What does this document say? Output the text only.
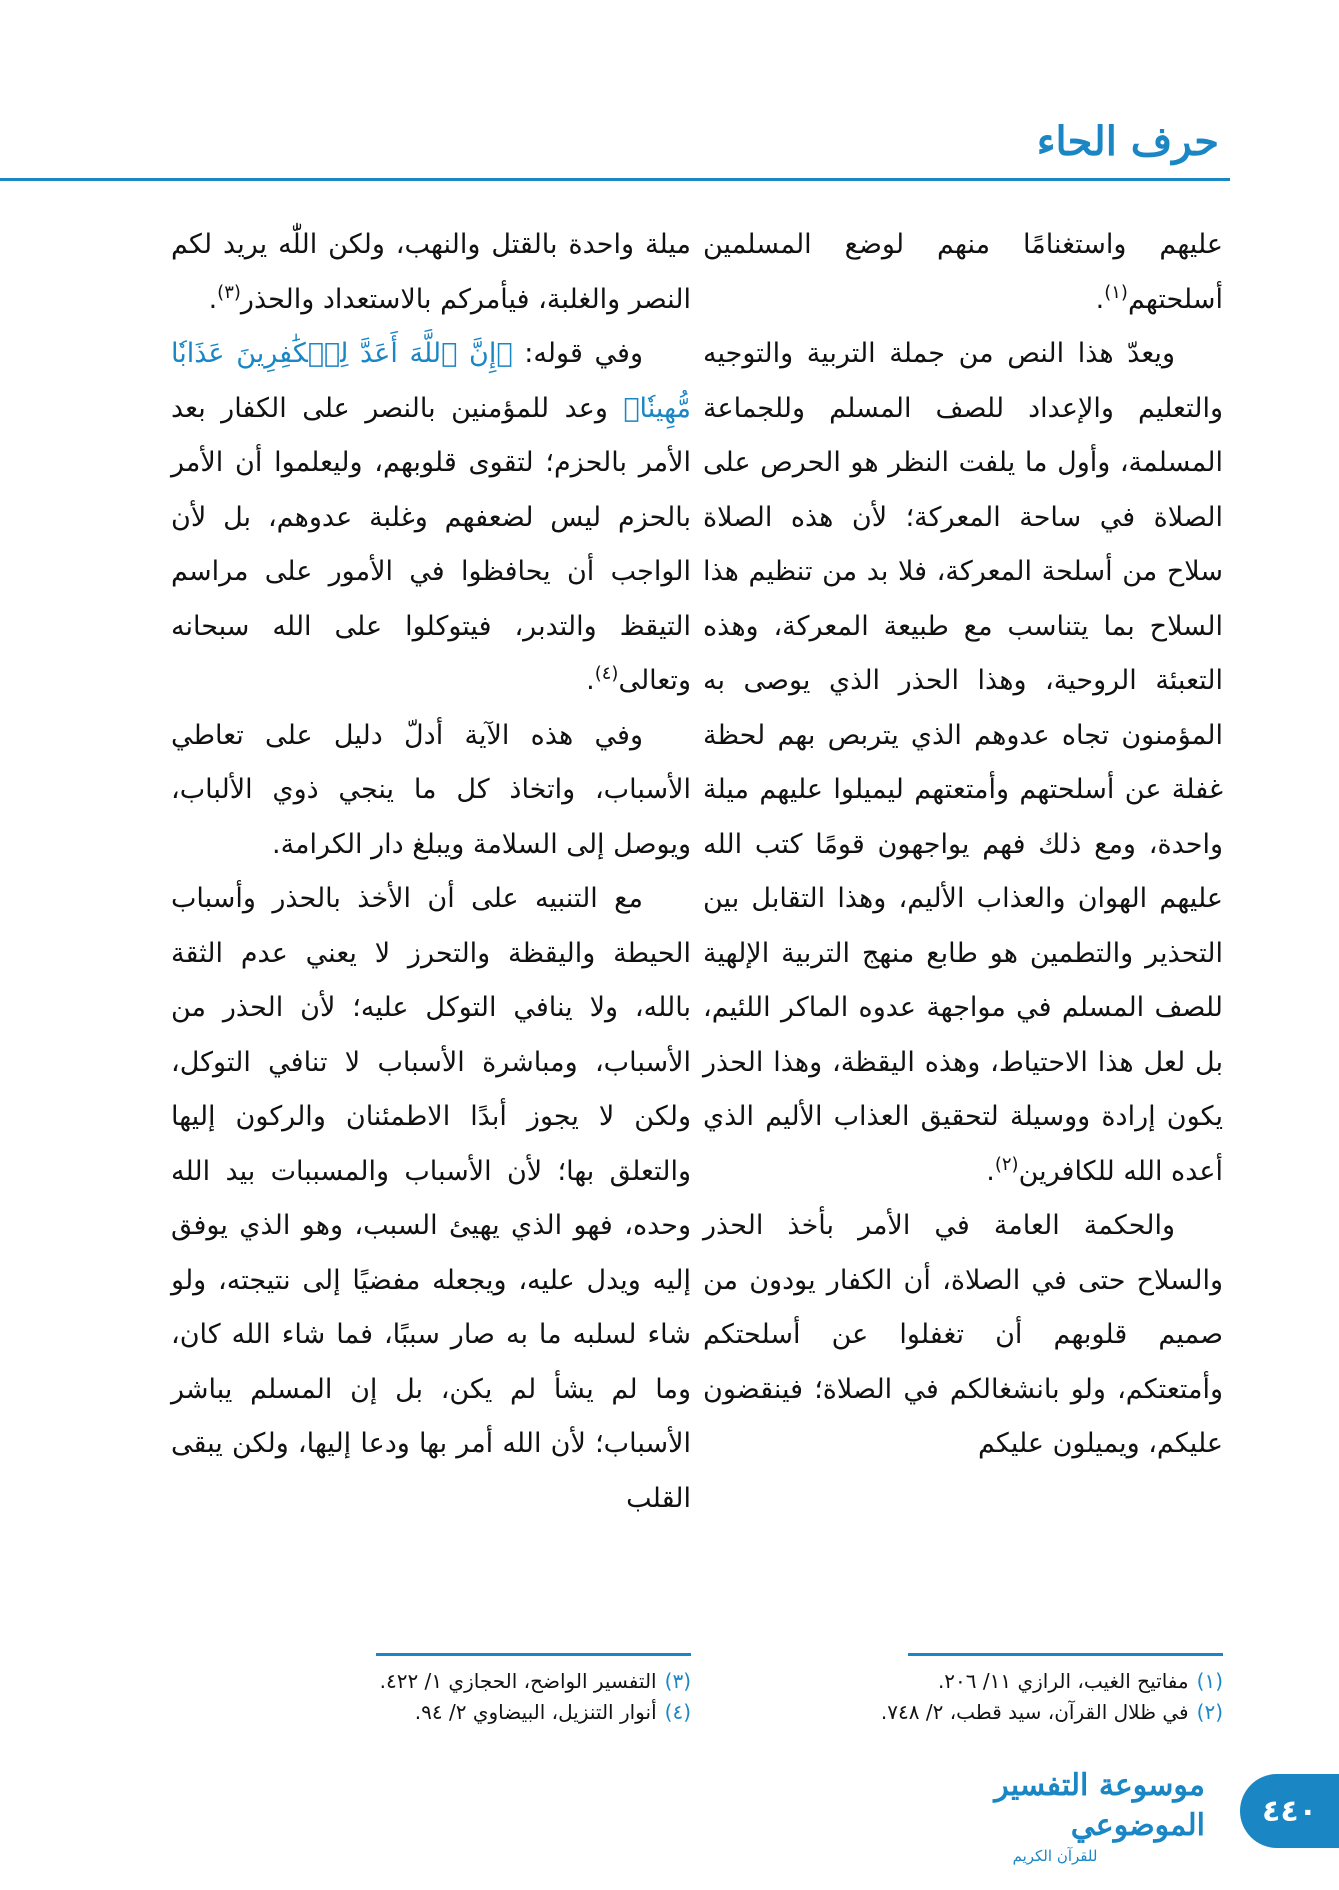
حرف الحاء

عليهم واستغنامًا منهم لوضع المسلمين أسلحتهم$^{(١)}$.

ويعدّ هذا النص من جملة التربية والتوجيه والتعليم والإعداد للصف المسلم وللجماعة المسلمة، وأول ما يلفت النظر هو الحرص على الصلاة في ساحة المعركة؛ لأن هذه الصلاة سلاح من أسلحة المعركة، فلا بد من تنظيم هذا السلاح بما يتناسب مع طبيعة المعركة، وهذه التعبئة الروحية، وهذا الحذر الذي يوصى به المؤمنون تجاه عدوهم الذي يتربص بهم لحظة غفلة عن أسلحتهم وأمتعتهم ليميلوا عليهم ميلة واحدة، ومع ذلك فهم يواجهون قومًا كتب الله عليهم الهوان والعذاب الأليم، وهذا التقابل بين التحذير والتطمين هو طابع منهج التربية الإلهية للصف المسلم في مواجهة عدوه الماكر اللئيم، بل لعل هذا الاحتياط، وهذه اليقظة، وهذا الحذر يكون إرادة ووسيلة لتحقيق العذاب الأليم الذي أعده الله للكافرين$^{(٢)}$.

والحكمة العامة في الأمر بأخذ الحذر والسلاح حتى في الصلاة، أن الكفار يودون من صميم قلوبهم أن تغفلوا عن أسلحتكم وأمتعتكم، ولو بانشغالكم في الصلاة؛ فينقضون عليكم، ويميلون عليكم

ميلة واحدة بالقتل والنهب، ولكن اللّٰه يريد لكم النصر والغلبة، فيأمركم بالاستعداد والحذر$^{(٣)}$.

وفي قوله: ﴿إِنَّ ٱللَّهَ أَعَدَّ لِلۡكَٰفِرِينَ عَذَابٗا مُّهِينٗا﴾ وعد للمؤمنين بالنصر على الكفار بعد الأمر بالحزم؛ لتقوى قلوبهم، وليعلموا أن الأمر بالحزم ليس لضعفهم وغلبة عدوهم، بل لأن الواجب أن يحافظوا في الأمور على مراسم التيقظ والتدبر، فيتوكلوا على الله سبحانه وتعالى$^{(٤)}$.

وفي هذه الآية أدلّ دليل على تعاطي الأسباب، واتخاذ كل ما ينجي ذوي الألباب، ويوصل إلى السلامة ويبلغ دار الكرامة.

مع التنبيه على أن الأخذ بالحذر وأسباب الحيطة واليقظة والتحرز لا يعني عدم الثقة بالله، ولا ينافي التوكل عليه؛ لأن الحذر من الأسباب، ومباشرة الأسباب لا تنافي التوكل، ولكن لا يجوز أبدًا الاطمئنان والركون إليها والتعلق بها؛ لأن الأسباب والمسببات بيد الله وحده، فهو الذي يهيئ السبب، وهو الذي يوفق إليه ويدل عليه، ويجعله مفضيًا إلى نتيجته، ولو شاء لسلبه ما به صار سببًا، فما شاء الله كان، وما لم يشأ لم يكن، بل إن المسلم يباشر الأسباب؛ لأن الله أمر بها ودعا إليها، ولكن يبقى القلب

(١)مفاتيح الغيب، الرازي ١١/ ٢٠٦.
(٢)في ظلال القرآن، سيد قطب، ٢/ ٧٤٨.
(٣)التفسير الواضح، الحجازي ١/ ٤٢٢.
(٤)أنوار التنزيل، البيضاوي ٢/ ٩٤.
موسوعة التفسير الموضوعي
للقرآن الكريم
٤٤٠
